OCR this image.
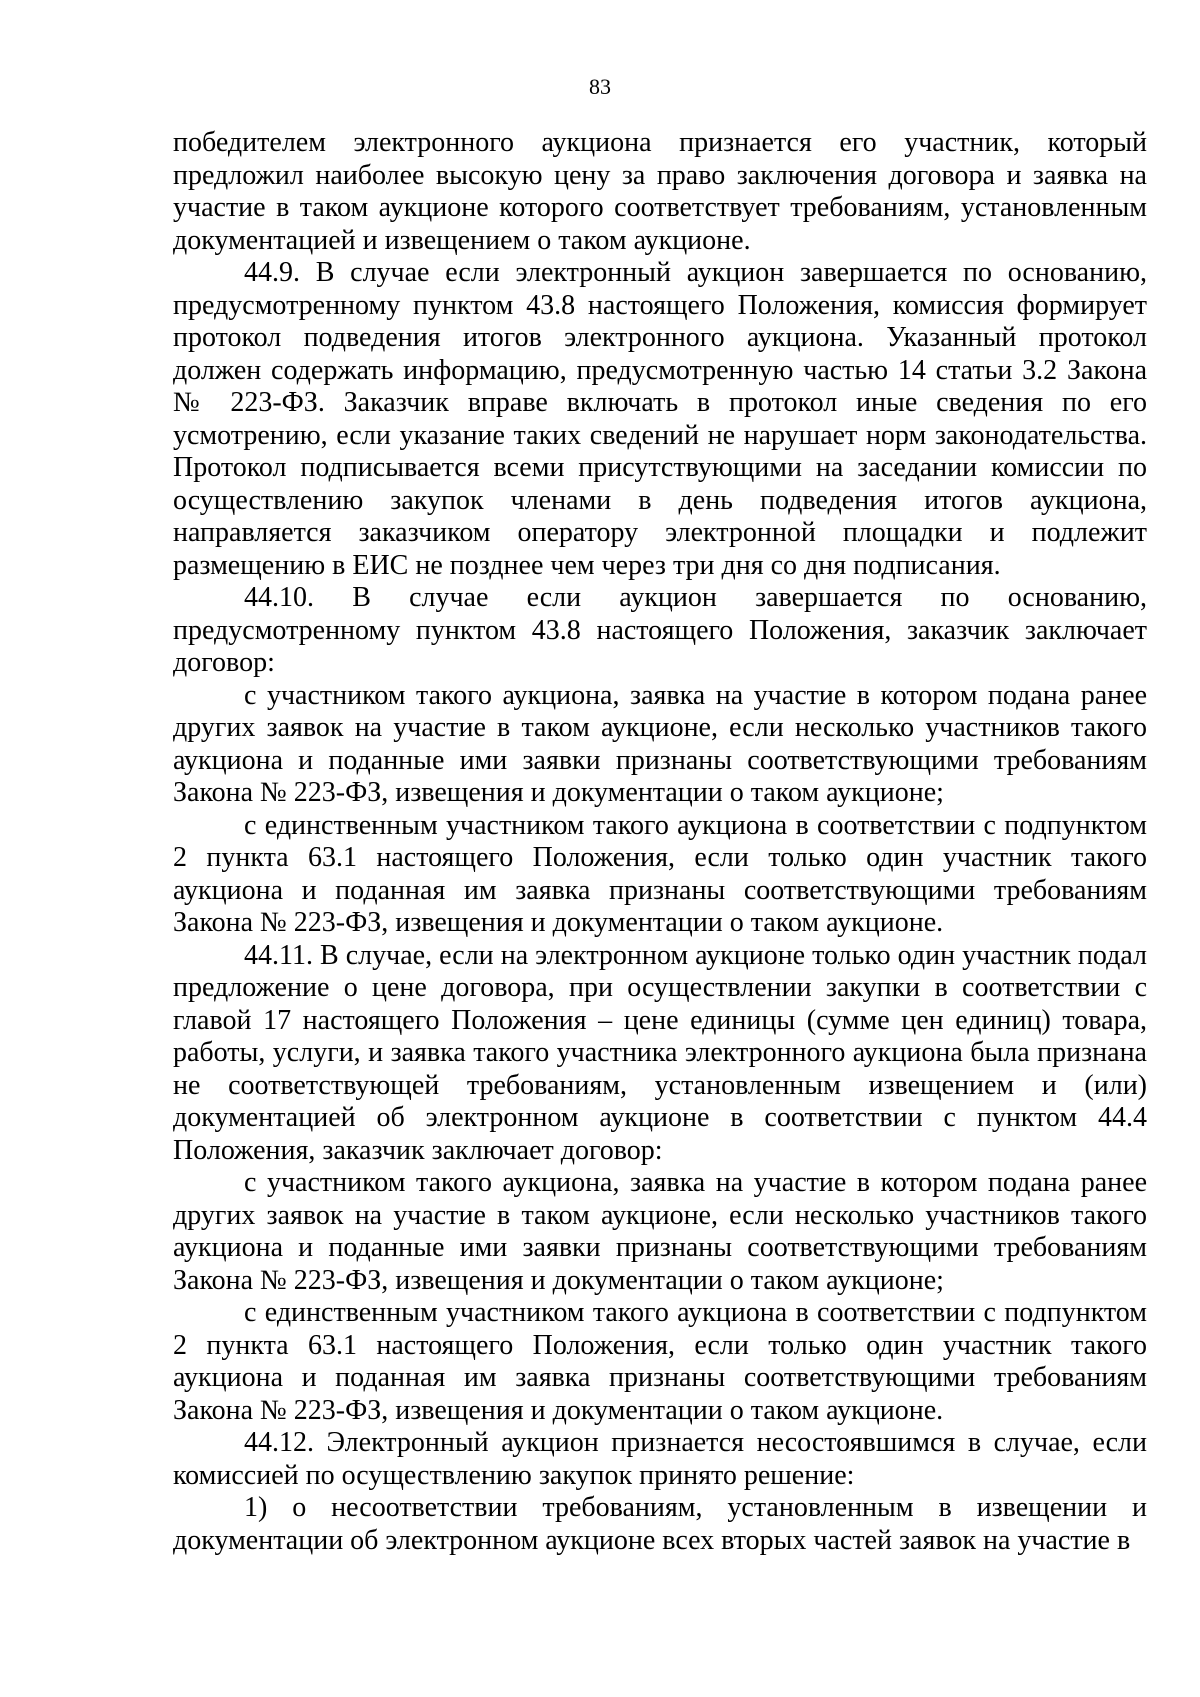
83

победителем электронного аукциона признается его участник, который предложил наиболее высокую цену за право заключения договора и заявка на участие в таком аукционе которого соответствует требованиям, установленным документацией и извещением о таком аукционе.

44.9. В случае если электронный аукцион завершается по основанию, предусмотренному пунктом 43.8 настоящего Положения, комиссия формирует протокол подведения итогов электронного аукциона. Указанный протокол должен содержать информацию, предусмотренную частью 14 статьи 3.2 Закона № 223-ФЗ. Заказчик вправе включать в протокол иные сведения по его усмотрению, если указание таких сведений не нарушает норм законодательства. Протокол подписывается всеми присутствующими на заседании комиссии по осуществлению закупок членами в день подведения итогов аукциона, направляется заказчиком оператору электронной площадки и подлежит размещению в ЕИС не позднее чем через три дня со дня подписания.

44.10. В случае если аукцион завершается по основанию, предусмотренному пунктом 43.8 настоящего Положения, заказчик заключает договор:

с участником такого аукциона, заявка на участие в котором подана ранее других заявок на участие в таком аукционе, если несколько участников такого аукциона и поданные ими заявки признаны соответствующими требованиям Закона № 223-ФЗ, извещения и документации о таком аукционе;

с единственным участником такого аукциона в соответствии с подпунктом 2 пункта 63.1 настоящего Положения, если только один участник такого аукциона и поданная им заявка признаны соответствующими требованиям Закона № 223-ФЗ, извещения и документации о таком аукционе.

44.11. В случае, если на электронном аукционе только один участник подал предложение о цене договора, при осуществлении закупки в соответствии с главой 17 настоящего Положения – цене единицы (сумме цен единиц) товара, работы, услуги, и заявка такого участника электронного аукциона была признана не соответствующей требованиям, установленным извещением и (или) документацией об электронном аукционе в соответствии с пунктом 44.4 Положения, заказчик заключает договор:

с участником такого аукциона, заявка на участие в котором подана ранее других заявок на участие в таком аукционе, если несколько участников такого аукциона и поданные ими заявки признаны соответствующими требованиям Закона № 223-ФЗ, извещения и документации о таком аукционе;

с единственным участником такого аукциона в соответствии с подпунктом 2 пункта 63.1 настоящего Положения, если только один участник такого аукциона и поданная им заявка признаны соответствующими требованиям Закона № 223-ФЗ, извещения и документации о таком аукционе.

44.12. Электронный аукцион признается несостоявшимся в случае, если комиссией по осуществлению закупок принято решение:

1) о несоответствии требованиям, установленным в извещении и документации об электронном аукционе всех вторых частей заявок на участие в
